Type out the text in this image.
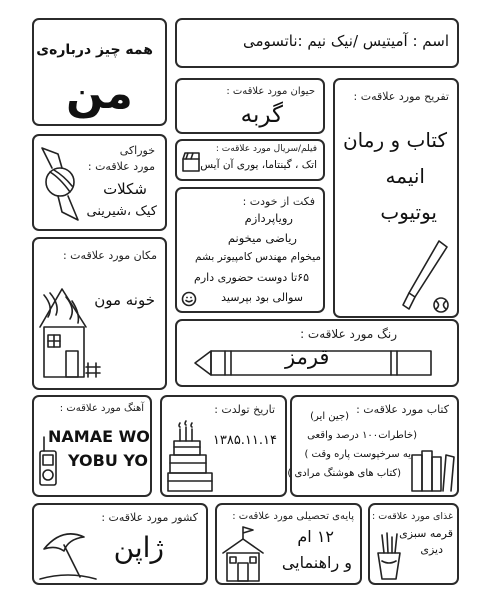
اسم : آمیتیس /نیک نیم :ناتسومی
همه چیز درباره‌ی
من	حیوان مورد علاقه‌ت :
گربه
تفریح مورد علاقه‌ت :
کتاب و رمان
انیمه
یوتیوب
فیلم/سریال مورد علاقه‌ت :
اتک ، گینتاما، یوری آن آیس
خوراکی
مورد علاقه‌ت :
شکلات
کیک ،شیرینی
فکت از خودت :
رو‌یاپردازم
ریاضی میخونم
میخوام مهندس کامپیوتر بشم
۶۵تا دوست حضوری دارم
سوالی بود بپرسید
مکان مورد علاقه‌ت :
خونه مون
رنگ مورد علاقه‌ت :
قرمز
آهنگ مورد علاقه‌ت :
NAMAE WO
YOBU YO
تاریخ تولدت :
۱۳۸۵.۱۱.۱۴
کتاب مورد علاقه‌ت :
(جین ایر)
(خاطرات۱۰۰ درصد واقعی
یه سرخپوست پاره وقت )
(کتاب های هوشنگ مرادی )
کشور مورد علاقه‌ت :
ژاپن
پایه‌ی تحصیلی مورد علاقه‌ت :
۱۲ ام
و راهنمایی
غذای مورد علاقه‌ت :
قرمه سبزی
دیزی
